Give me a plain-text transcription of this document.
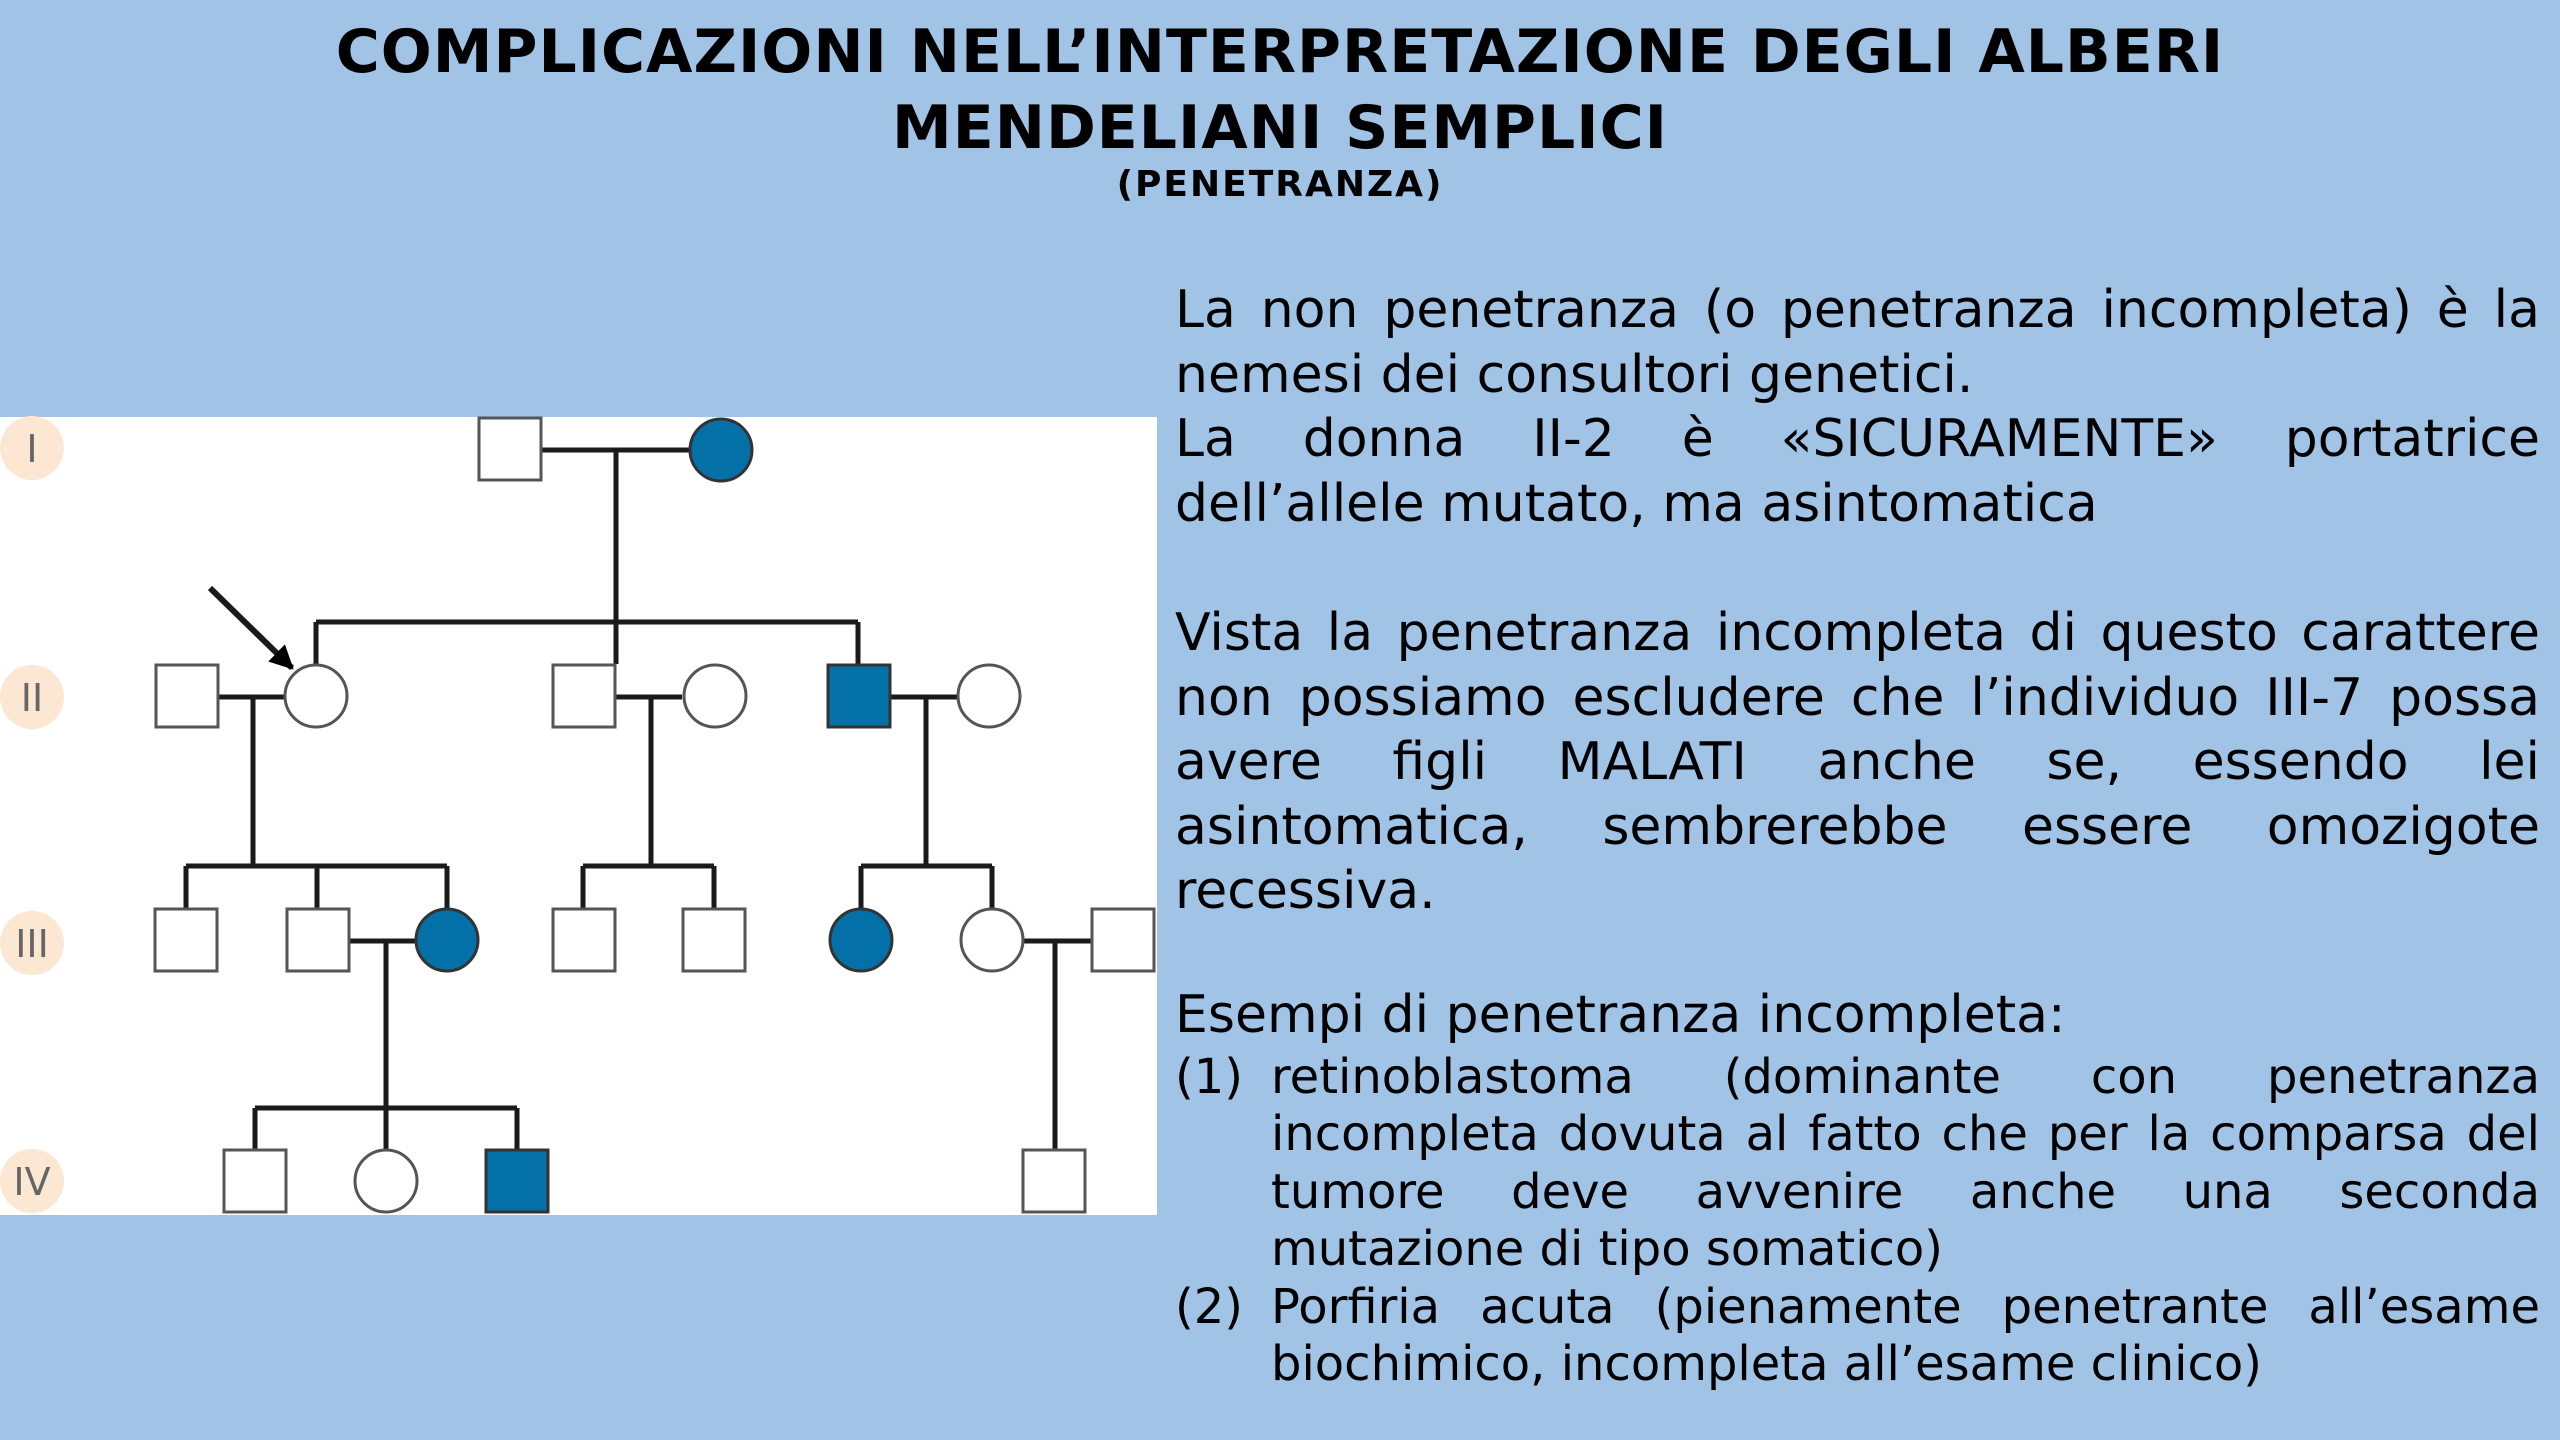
COMPLICAZIONI NELL’INTERPRETAZIONE DEGLI ALBERI
MENDELIANI SEMPLICI
(PENETRANZA)
I
II
III
IV

La non penetranza (o penetranza incompleta) è la nemesi dei consultori genetici.

La donna II-2 è «SICURAMENTE» portatrice dell’allele mutato, ma asintomatica

Vista la penetranza incompleta di questo carattere non possiamo escludere che l’individuo III-7 possa avere figli MALATI anche se, essendo lei asintomatica, sembrerebbe essere omozigote recessiva.

Esempi di penetranza incompleta:

(1) retinoblastoma (dominante con penetranza incompleta dovuta al fatto che per la comparsa del tumore deve avvenire anche una seconda mutazione di tipo somatico)
(2) Porfiria acuta (pienamente penetrante all’esame biochimico, incompleta all’esame clinico)
